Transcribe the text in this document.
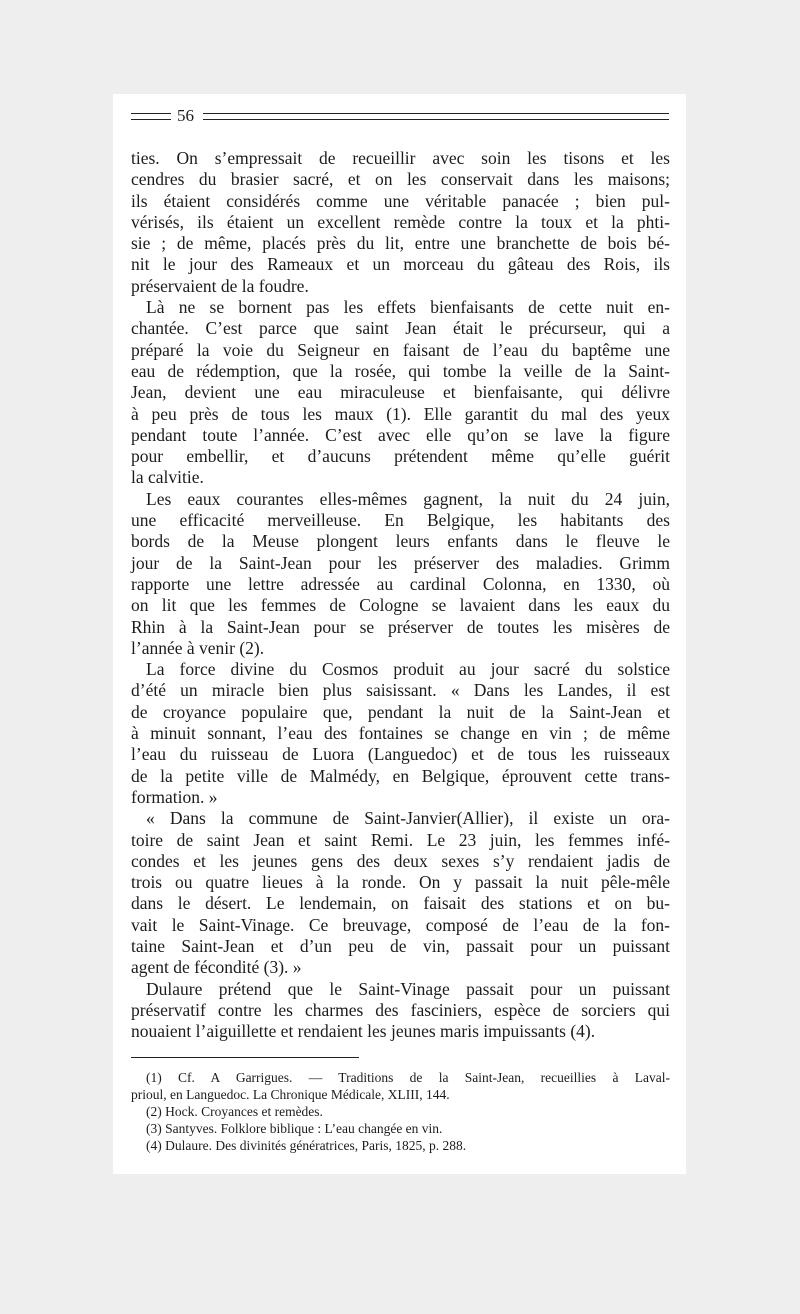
56
ties. On s’empressait de recueillir avec soin les tisons et les
cendres du brasier sacré, et on les conservait dans les maisons;
ils étaient considérés comme une véritable panacée ; bien pul-
vérisés, ils étaient un excellent remède contre la toux et la phti-
sie ; de même, placés près du lit, entre une branchette de bois bé-
nit le jour des Rameaux et un morceau du gâteau des Rois, ils
préservaient de la foudre.
Là ne se bornent pas les effets bienfaisants de cette nuit en-
chantée. C’est parce que saint Jean était le précurseur, qui a
préparé la voie du Seigneur en faisant de l’eau du baptême une
eau de rédemption, que la rosée, qui tombe la veille de la Saint-
Jean, devient une eau miraculeuse et bienfaisante, qui délivre
à peu près de tous les maux (1). Elle garantit du mal des yeux
pendant toute l’année. C’est avec elle qu’on se lave la figure
pour embellir, et d’aucuns prétendent même qu’elle guérit
la calvitie.
Les eaux courantes elles-mêmes gagnent, la nuit du 24 juin,
une efficacité merveilleuse. En Belgique, les habitants des
bords de la Meuse plongent leurs enfants dans le fleuve le
jour de la Saint-Jean pour les préserver des maladies. Grimm
rapporte une lettre adressée au cardinal Colonna, en 1330, où
on lit que les femmes de Cologne se lavaient dans les eaux du
Rhin à la Saint-Jean pour se préserver de toutes les misères de
l’année à venir (2).
La force divine du Cosmos produit au jour sacré du solstice
d’été un miracle bien plus saisissant. « Dans les Landes, il est
de croyance populaire que, pendant la nuit de la Saint-Jean et
à minuit sonnant, l’eau des fontaines se change en vin ; de même
l’eau du ruisseau de Luora (Languedoc) et de tous les ruisseaux
de la petite ville de Malmédy, en Belgique, éprouvent cette trans-
formation. »
« Dans la commune de Saint-Janvier(Allier), il existe un ora-
toire de saint Jean et saint Remi. Le 23 juin, les femmes infé-
condes et les jeunes gens des deux sexes s’y rendaient jadis de
trois ou quatre lieues à la ronde. On y passait la nuit pêle-mêle
dans le désert. Le lendemain, on faisait des stations et on bu-
vait le Saint-Vinage. Ce breuvage, composé de l’eau de la fon-
taine Saint-Jean et d’un peu de vin, passait pour un puissant
agent de fécondité (3). »
Dulaure prétend que le Saint-Vinage passait pour un puissant
préservatif contre les charmes des fasciniers, espèce de sorciers qui
nouaient l’aiguillette et rendaient les jeunes maris impuissants (4).
(1) Cf. A Garrigues. — Traditions de la Saint-Jean, recueillies à Laval-
prioul, en Languedoc. La Chronique Médicale, XLIII, 144.
(2) Hock. Croyances et remèdes.
(3) Santyves. Folklore biblique : L’eau changée en vin.
(4) Dulaure. Des divinités génératrices, Paris, 1825, p. 288.
